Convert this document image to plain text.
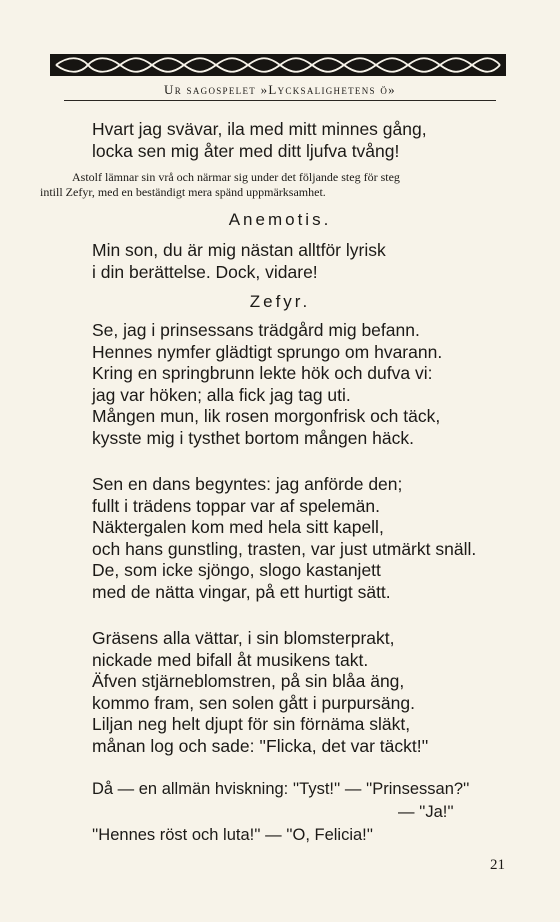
Ur sagospelet »Lycksalighetens ö»
Hvart jag svävar, ila med mitt minnes gång,
locka sen mig åter med ditt ljufva tvång!
Astolf lämnar sin vrå och närmar sig under det följande steg för steg
intill Zefyr, med en beständigt mera spänd uppmärksamhet.
Anemotis.
Min son, du är mig nästan alltför lyrisk
i din berättelse. Dock, vidare!
Zefyr.
Se, jag i prinsessans trädgård mig befann.
Hennes nymfer glädtigt sprungo om hvarann.
Kring en springbrunn lekte hök och dufva vi:
jag var höken; alla fick jag tag uti.
Mången mun, lik rosen morgonfrisk och täck,
kysste mig i tysthet bortom mången häck.
Sen en dans begyntes: jag anförde den;
fullt i trädens toppar var af spelemän.
Näktergalen kom med hela sitt kapell,
och hans gunstling, trasten, var just utmärkt snäll.
De, som icke sjöngo, slogo kastanjett
med de nätta vingar, på ett hurtigt sätt.
Gräsens alla vättar, i sin blomsterprakt,
nickade med bifall åt musikens takt.
Äfven stjärneblomstren, på sin blåa äng,
kommo fram, sen solen gått i purpursäng.
Liljan neg helt djupt för sin förnäma släkt,
månan log och sade: ''Flicka, det var täckt!''
Då — en allmän hviskning: ''Tyst!'' — ''Prinsessan?''
— ''Ja!''
''Hennes röst och luta!'' — ''O, Felicia!''
21
